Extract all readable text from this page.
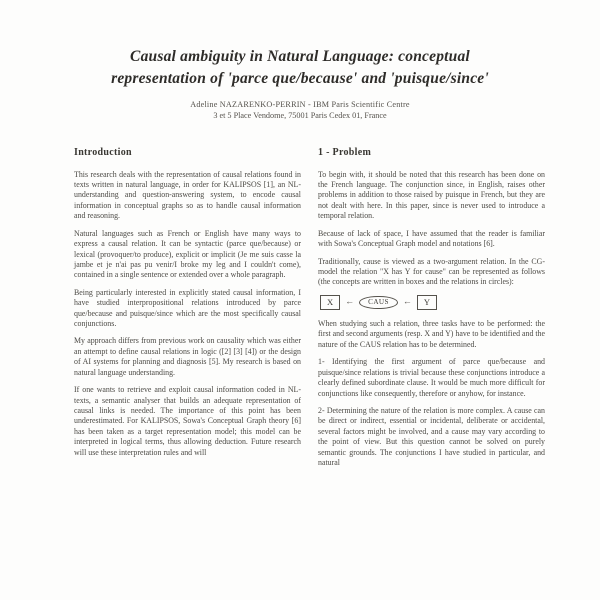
Causal ambiguity in Natural Language: conceptual
representation of 'parce que/because' and 'puisque/since'
Adeline NAZARENKO-PERRIN - IBM Paris Scientific Centre
3 et 5 Place Vendome, 75001 Paris Cedex 01, France
Introduction

This research deals with the representation of causal relations found in texts written in natural language, in order for KALIPSOS [1], an NL-understanding and question-answering system, to encode causal information in conceptual graphs so as to handle causal information and reasoning.

Natural languages such as French or English have many ways to express a causal relation. It can be syntactic (parce que/because) or lexical (provoquer/to produce), explicit or implicit (Je me suis casse la jambe et je n'ai pas pu venir/I broke my leg and I couldn't come), contained in a single sentence or extended over a whole paragraph.

Being particularly interested in explicitly stated causal information, I have studied interpropositional relations introduced by parce que/because and puisque/since which are the most specifically causal conjunctions.

My approach differs from previous work on causality which was either an attempt to define causal relations in logic ([2] [3] [4]) or the design of AI systems for planning and diagnosis [5]. My research is based on natural language understanding.

If one wants to retrieve and exploit causal information coded in NL-texts, a semantic analyser that builds an adequate representation of causal links is needed. The importance of this point has been underestimated. For KALIPSOS, Sowa's Conceptual Graph theory [6] has been taken as a target representation model; this model can be interpreted in logical terms, thus allowing deduction. Future research will use these interpretation rules and will

1 - Problem

To begin with, it should be noted that this research has been done on the French language. The conjunction since, in English, raises other problems in addition to those raised by puisque in French, but they are not dealt with here. In this paper, since is never used to introduce a temporal relation.

Because of lack of space, I have assumed that the reader is familiar with Sowa's Conceptual Graph model and notations [6].

Traditionally, cause is viewed as a two-argument relation. In the CG-model the relation "X has Y for cause" can be represented as follows (the concepts are written in boxes and the relations in circles):

X	←	CAUS	←	Y

When studying such a relation, three tasks have to be performed: the first and second arguments (resp. X and Y) have to be identified and the nature of the CAUS relation has to be determined.

1- Identifying the first argument of parce que/because and puisque/since relations is trivial because these conjunctions introduce a clearly defined subordinate clause. It would be much more difficult for conjunctions like consequently, therefore or anyhow, for instance.

2- Determining the nature of the relation is more complex. A cause can be direct or indirect, essential or incidental, deliberate or accidental, several factors might be involved, and a cause may vary according to the point of view. But this question cannot be solved on purely semantic grounds. The conjunctions I have studied in particular, and natural
